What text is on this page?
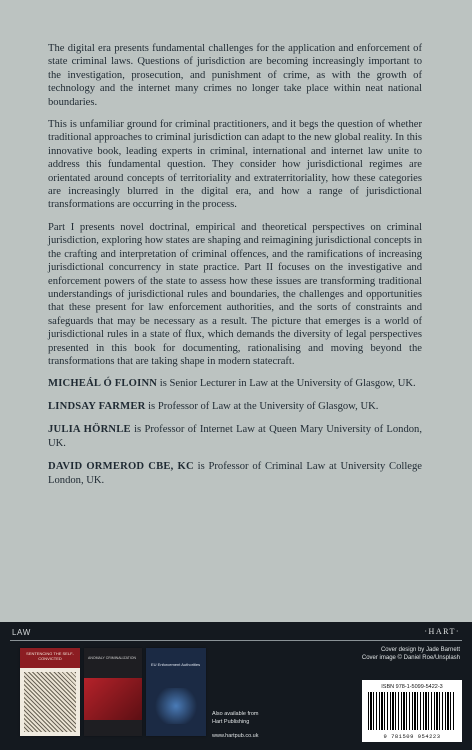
The digital era presents fundamental challenges for the application and enforcement of state criminal laws. Questions of jurisdiction are becoming increasingly important to the investigation, prosecution, and punishment of crime, as with the growth of technology and the internet many crimes no longer take place within neat national boundaries.

This is unfamiliar ground for criminal practitioners, and it begs the question of whether traditional approaches to criminal jurisdiction can adapt to the new global reality. In this innovative book, leading experts in criminal, international and internet law unite to address this fundamental question. They consider how jurisdictional regimes are orientated around concepts of territoriality and extraterritoriality, how these categories are increasingly blurred in the digital era, and how a range of jurisdictional transformations are occurring in the process.

Part I presents novel doctrinal, empirical and theoretical perspectives on criminal jurisdiction, exploring how states are shaping and reimagining jurisdictional concepts in the crafting and interpretation of criminal offences, and the ramifications of increasing jurisdictional concurrency in state practice. Part II focuses on the investigative and enforcement powers of the state to assess how these issues are transforming traditional understandings of jurisdictional rules and boundaries, the challenges and opportunities that these present for law enforcement authorities, and the sorts of constraints and safeguards that may be necessary as a result. The picture that emerges is a world of jurisdictional rules in a state of flux, which demands the diversity of legal perspectives presented in this book for documenting, rationalising and moving beyond the transformations that are taking shape in modern statecraft.

MICHEÁL Ó FLOINN is Senior Lecturer in Law at the University of Glasgow, UK.

LINDSAY FARMER is Professor of Law at the University of Glasgow, UK.

JULIA HÖRNLE is Professor of Internet Law at Queen Mary University of London, UK.

DAVID ORMEROD CBE, KC is Professor of Criminal Law at University College London, UK.

LAW	·HART·
SENTENCING THE SELF-CONVICTED	ANOMALY CRIMINALIZATION
EU Enforcement Authorities
Also available from
Hart Publishing
www.hartpub.co.uk
Cover design by Jade Barnett
Cover image © Daniel Roe/Unsplash
ISBN 978-1-5099-5422-3
9 781509 954223
